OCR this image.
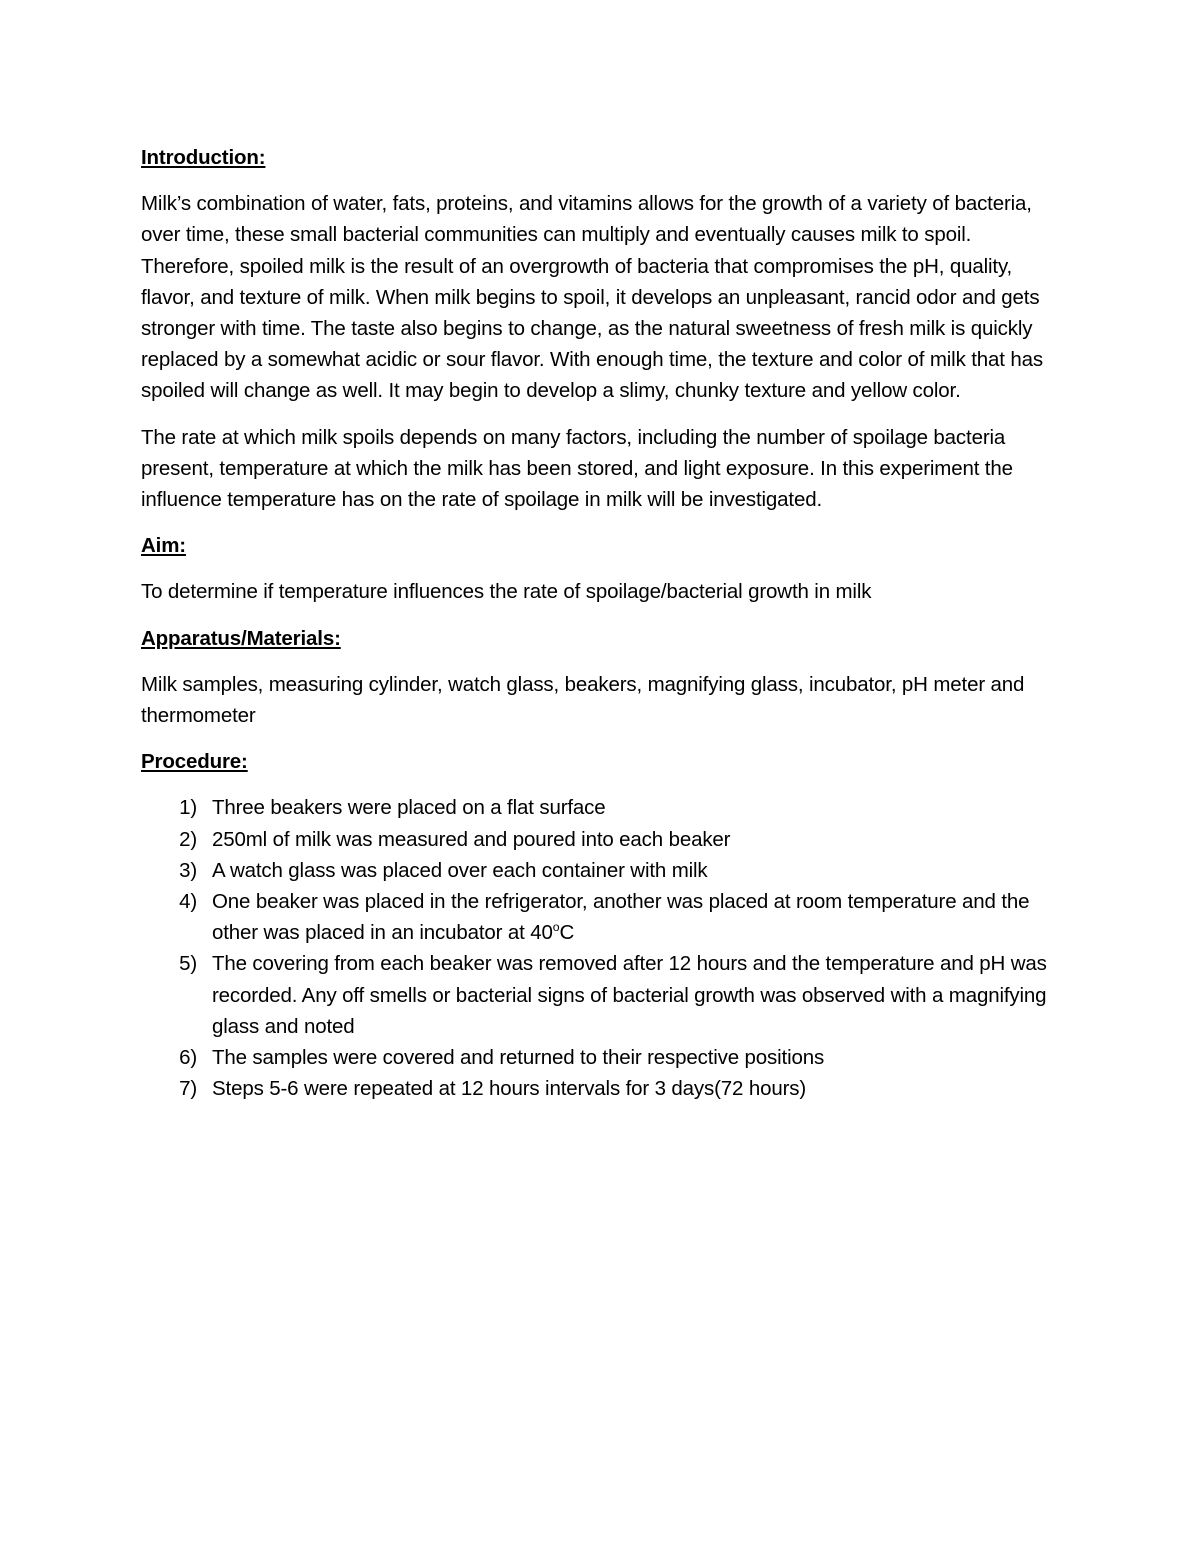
Introduction:
Milk’s combination of water, fats, proteins, and vitamins allows for the growth of a variety of bacteria, over time, these small bacterial communities can multiply and eventually causes milk to spoil. Therefore, spoiled milk is the result of an overgrowth of bacteria that compromises the pH, quality, flavor, and texture of milk. When milk begins to spoil, it develops an unpleasant, rancid odor and gets stronger with time. The taste also begins to change, as the natural sweetness of fresh milk is quickly replaced by a somewhat acidic or sour flavor. With enough time, the texture and color of milk that has spoiled will change as well. It may begin to develop a slimy, chunky texture and yellow color.
The rate at which milk spoils depends on many factors, including the number of spoilage bacteria present, temperature at which the milk has been stored, and light exposure. In this experiment the influence temperature has on the rate of spoilage in milk will be investigated.
Aim:
To determine if temperature influences the rate of spoilage/bacterial growth in milk
Apparatus/Materials:
Milk samples, measuring cylinder, watch glass, beakers, magnifying glass, incubator, pH meter and thermometer
Procedure:
1) Three beakers were placed on a flat surface
2) 250ml of milk was measured and poured into each beaker
3) A watch glass was placed over each container with milk
4) One beaker was placed in the refrigerator, another was placed at room temperature and the other was placed in an incubator at 40$^o$C
5) The covering from each beaker was removed after 12 hours and the temperature and pH was recorded. Any off smells or bacterial signs of bacterial growth was observed with a magnifying glass and noted
6) The samples were covered and returned to their respective positions
7) Steps 5-6 were repeated at 12 hours intervals for 3 days(72 hours)
